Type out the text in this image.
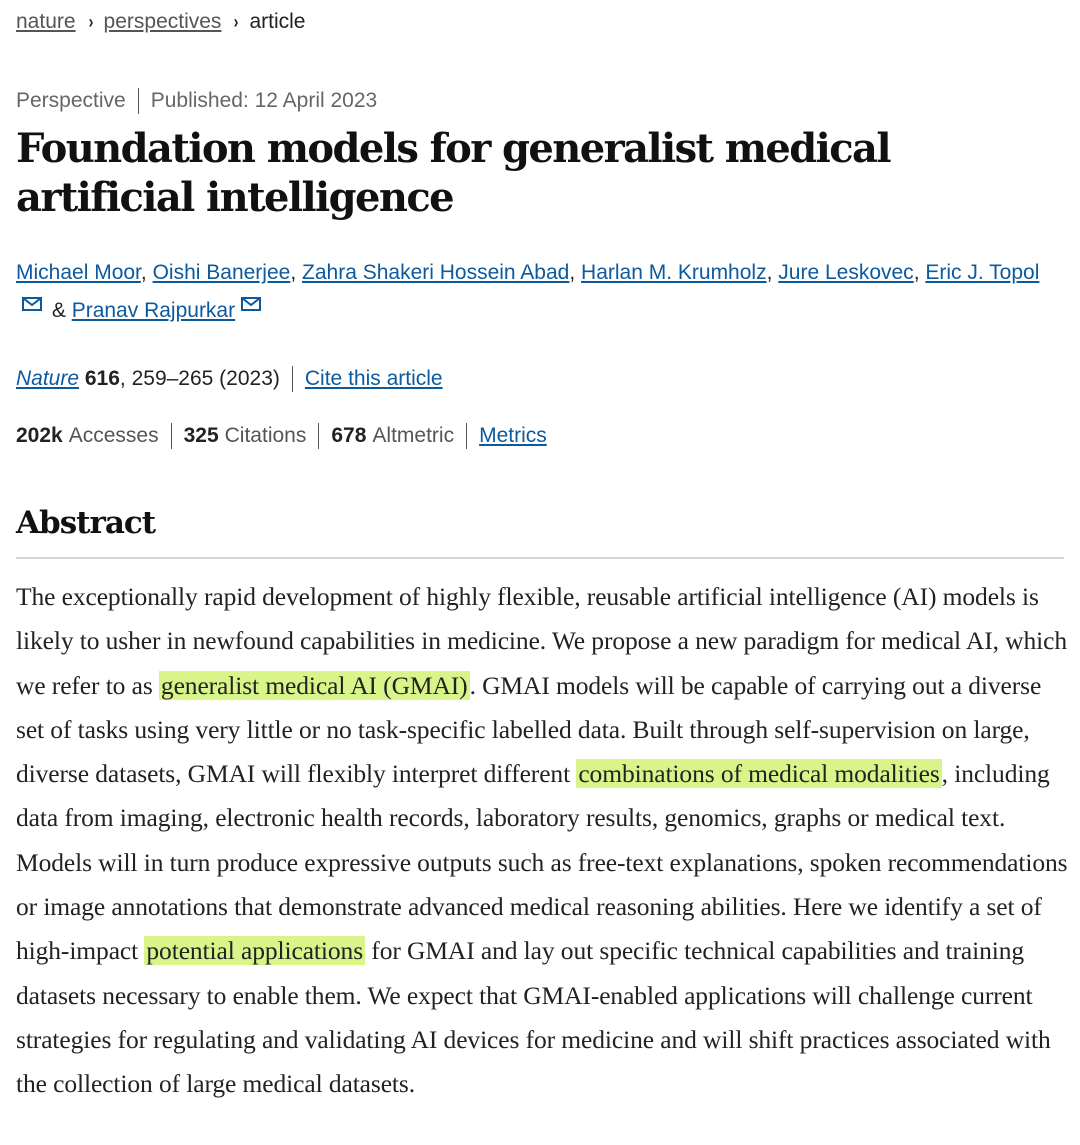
nature › perspectives › article
Perspective Published: 12 April 2023
Foundation models for generalist medical artificial intelligence
Michael Moor, Oishi Banerjee, Zahra Shakeri Hossein Abad, Harlan M. Krumholz, Jure Leskovec, Eric J. Topol & Pranav Rajpurkar
Nature 616, 259–265 (2023) Cite this article
202k Accesses 325 Citations 678 Altmetric Metrics
Abstract

The exceptionally rapid development of highly flexible, reusable artificial intelligence (AI) models is likely to usher in newfound capabilities in medicine. We propose a new paradigm for medical AI, which we refer to as generalist medical AI (GMAI). GMAI models will be capable of carrying out a diverse set of tasks using very little or no task-specific labelled data. Built through self-supervision on large, diverse datasets, GMAI will flexibly interpret different combinations of medical modalities, including data from imaging, electronic health records, laboratory results, genomics, graphs or medical text. Models will in turn produce expressive outputs such as free-text explanations, spoken recommendations or image annotations that demonstrate advanced medical reasoning abilities. Here we identify a set of high-impact potential applications for GMAI and lay out specific technical capabilities and training datasets necessary to enable them. We expect that GMAI-enabled applications will challenge current strategies for regulating and validating AI devices for medicine and will shift practices associated with the collection of large medical datasets.
